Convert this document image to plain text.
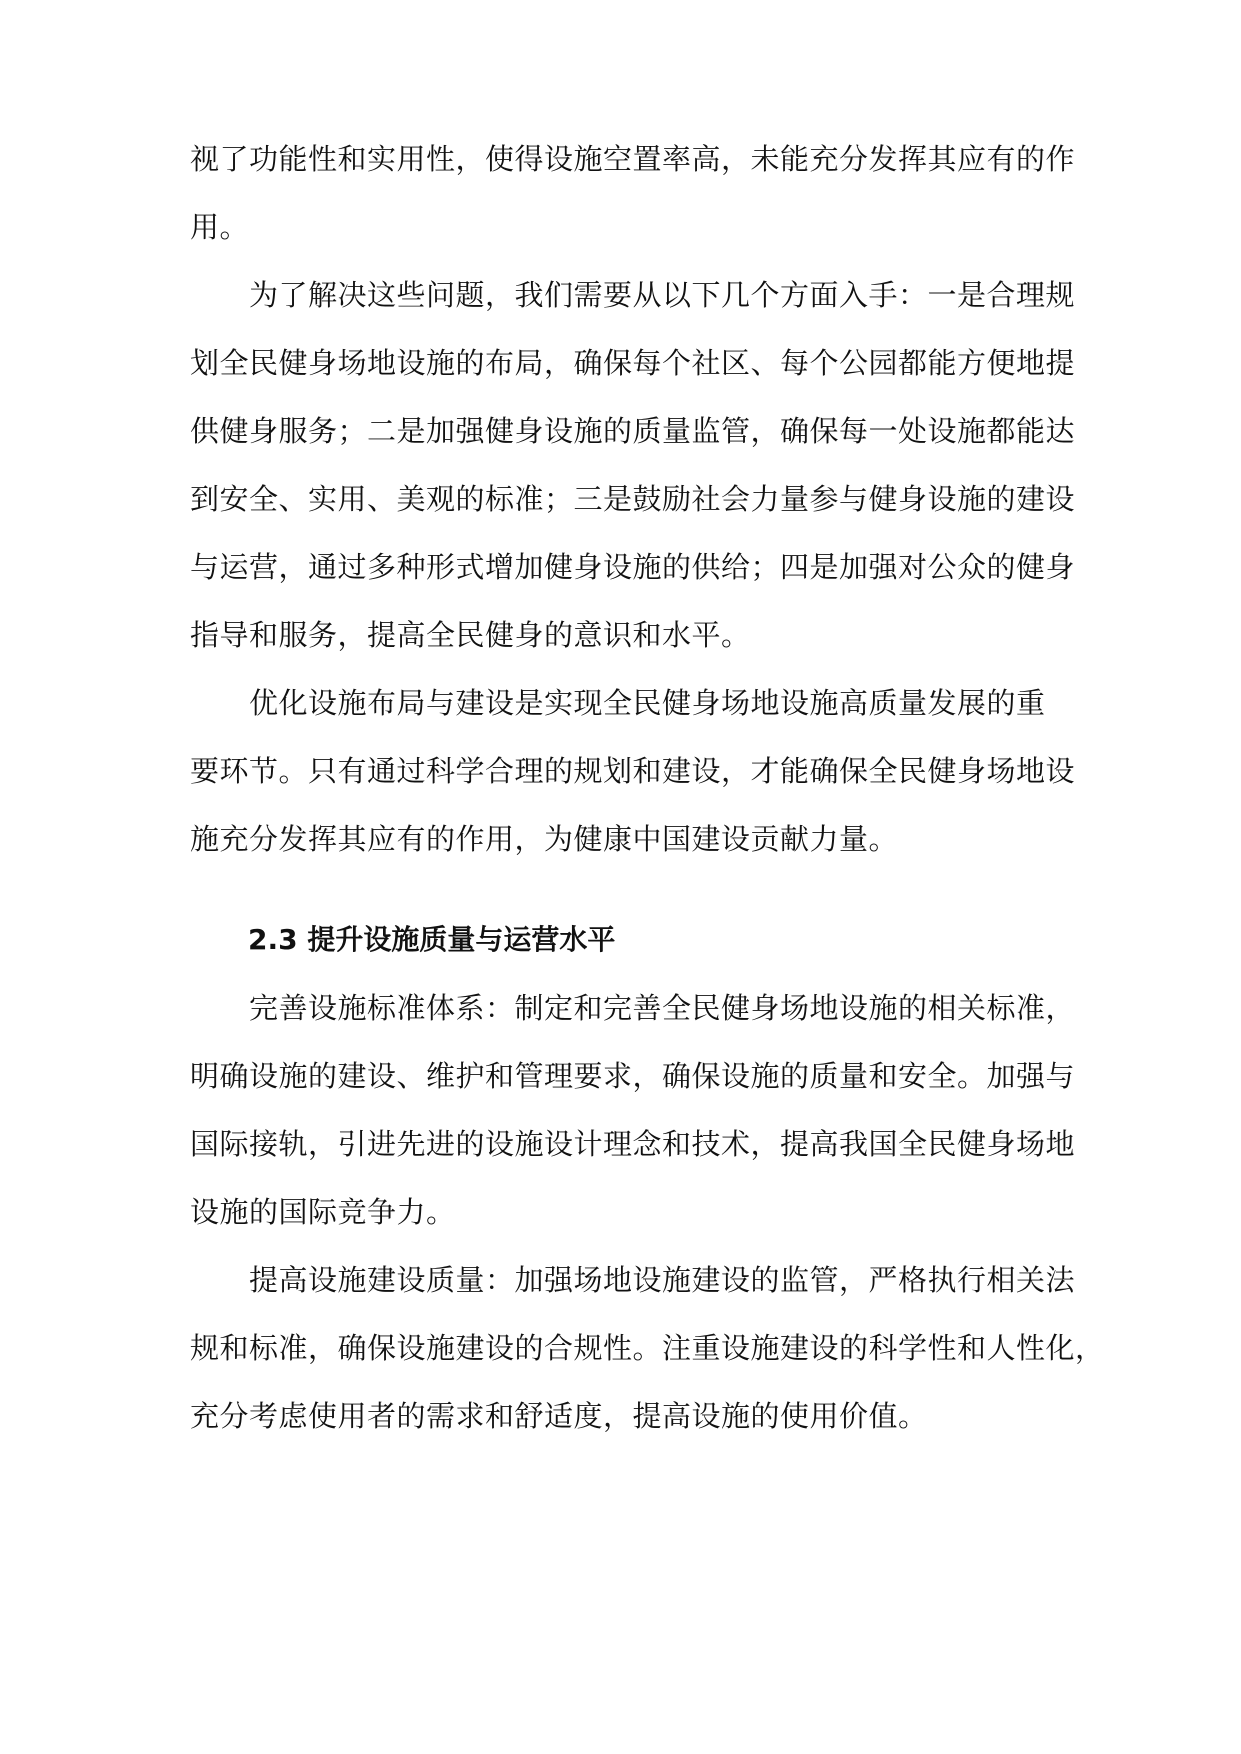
视了功能性和实用性，使得设施空置率高，未能充分发挥其应有的作
用。
　　为了解决这些问题，我们需要从以下几个方面入手：一是合理规
划全民健身场地设施的布局，确保每个社区、每个公园都能方便地提
供健身服务；二是加强健身设施的质量监管，确保每一处设施都能达
到安全、实用、美观的标准；三是鼓励社会力量参与健身设施的建设
与运营，通过多种形式增加健身设施的供给；四是加强对公众的健身
指导和服务，提高全民健身的意识和水平。
　　优化设施布局与建设是实现全民健身场地设施高质量发展的重
要环节。只有通过科学合理的规划和建设，才能确保全民健身场地设
施充分发挥其应有的作用，为健康中国建设贡献力量。
2.3 提升设施质量与运营水平
　　完善设施标准体系：制定和完善全民健身场地设施的相关标准，
明确设施的建设、维护和管理要求，确保设施的质量和安全。加强与
国际接轨，引进先进的设施设计理念和技术，提高我国全民健身场地
设施的国际竞争力。
　　提高设施建设质量：加强场地设施建设的监管，严格执行相关法
规和标准，确保设施建设的合规性。注重设施建设的科学性和人性化，
充分考虑使用者的需求和舒适度，提高设施的使用价值。
